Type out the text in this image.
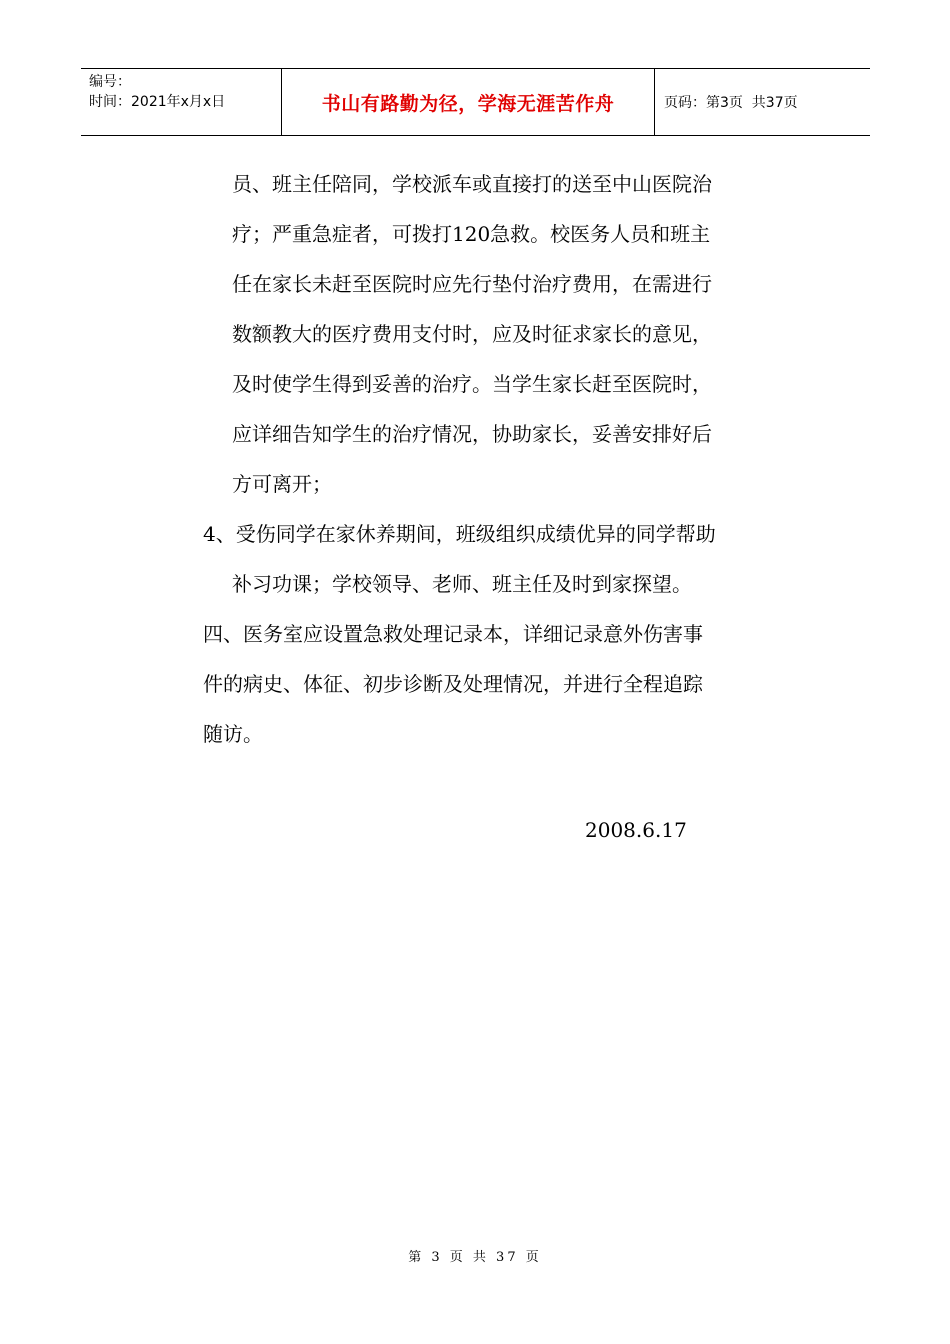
编号：
时间：2021年x月x日	书山有路勤为径，学海无涯苦作舟	页码：第3页  共37页
员、班主任陪同，学校派车或直接打的送至中山医院治
疗；严重急症者，可拨打120急救。校医务人员和班主
任在家长未赶至医院时应先行垫付治疗费用，在需进行
数额教大的医疗费用支付时，应及时征求家长的意见，
及时使学生得到妥善的治疗。当学生家长赶至医院时，
应详细告知学生的治疗情况，协助家长，妥善安排好后
方可离开；
4、受伤同学在家休养期间，班级组织成绩优异的同学帮助
补习功课；学校领导、老师、班主任及时到家探望。
四、医务室应设置急救处理记录本，详细记录意外伤害事
件的病史、体征、初步诊断及处理情况，并进行全程追踪
随访。
2008.6.17
第 3 页 共 37 页
